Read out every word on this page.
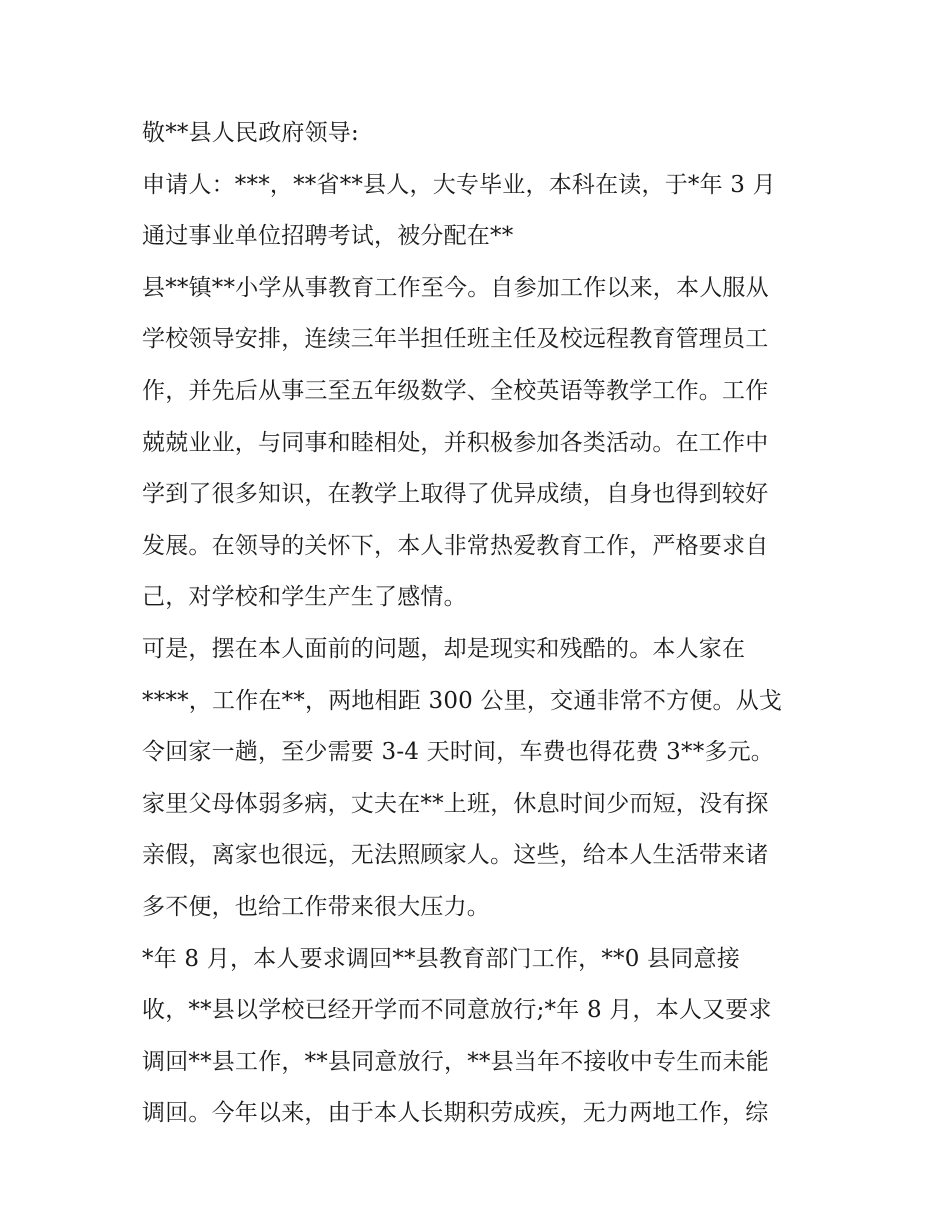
敬**县人民政府领导:
申请人：***，**省**县人，大专毕业，本科在读，于*年 3 月
通过事业单位招聘考试，被分配在**
县**镇**小学从事教育工作至今。自参加工作以来，本人服从
学校领导安排，连续三年半担任班主任及校远程教育管理员工
作，并先后从事三至五年级数学、全校英语等教学工作。工作
兢兢业业，与同事和睦相处，并积极参加各类活动。在工作中
学到了很多知识，在教学上取得了优异成绩，自身也得到较好
发展。在领导的关怀下，本人非常热爱教育工作，严格要求自
己，对学校和学生产生了感情。
可是，摆在本人面前的问题，却是现实和残酷的。本人家在
****，工作在**，两地相距 300 公里，交通非常不方便。从戈
令回家一趟，至少需要 3-4 天时间，车费也得花费 3**多元。
家里父母体弱多病，丈夫在**上班，休息时间少而短，没有探
亲假，离家也很远，无法照顾家人。这些，给本人生活带来诸
多不便，也给工作带来很大压力。
*年 8 月，本人要求调回**县教育部门工作，**0 县同意接
收，**县以学校已经开学而不同意放行;*年 8 月，本人又要求
调回**县工作，**县同意放行，**县当年不接收中专生而未能
调回。今年以来，由于本人长期积劳成疾，无力两地工作，综
